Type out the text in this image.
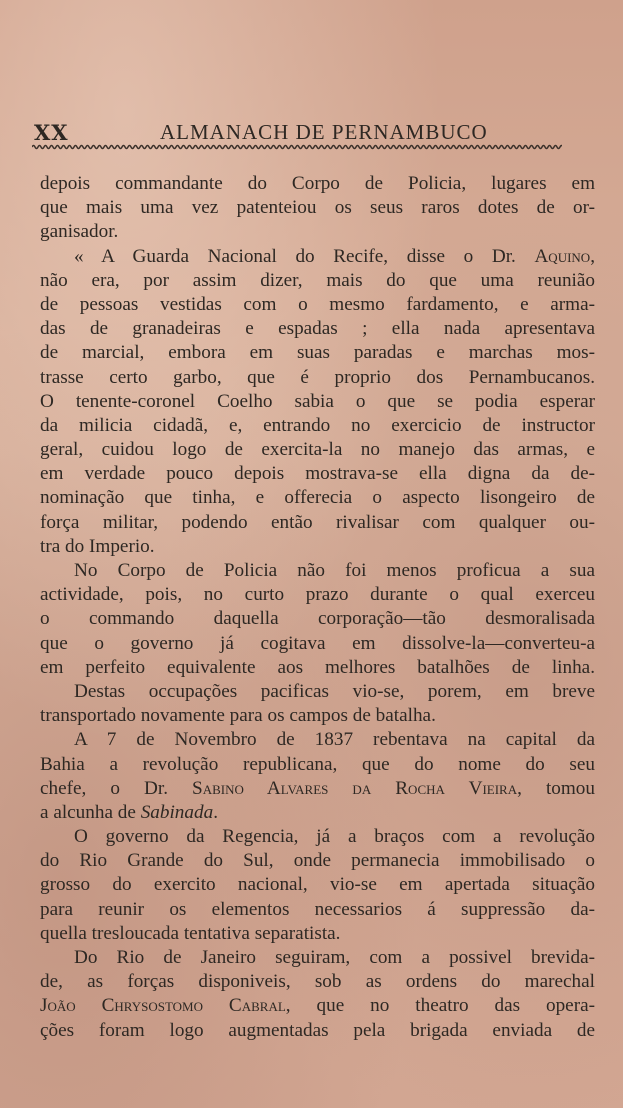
XX	ALMANACH DE PERNAMBUCO
depois commandante do Corpo de Policia, lugares em
que mais uma vez patenteiou os seus raros dotes de or-
ganisador.
« A Guarda Nacional do Recife, disse o Dr. Aquino,
não era, por assim dizer, mais do que uma reunião
de pessoas vestidas com o mesmo fardamento, e arma-
das de granadeiras e espadas ; ella nada apresentava
de marcial, embora em suas paradas e marchas mos-
trasse certo garbo, que é proprio dos Pernambucanos.
O tenente-coronel Coelho sabia o que se podia esperar
da milicia cidadã, e, entrando no exercicio de instructor
geral, cuidou logo de exercita-la no manejo das armas, e
em verdade pouco depois mostrava-se ella digna da de-
nominação que tinha, e offerecia o aspecto lisongeiro de
força militar, podendo então rivalisar com qualquer ou-
tra do Imperio.
No Corpo de Policia não foi menos proficua a sua
actividade, pois, no curto prazo durante o qual exerceu
o commando daquella corporação—tão desmoralisada
que o governo já cogitava em dissolve-la—converteu-a
em perfeito equivalente aos melhores batalhões de linha.
Destas occupações pacificas vio-se, porem, em breve
transportado novamente para os campos de batalha.
A 7 de Novembro de 1837 rebentava na capital da
Bahia a revolução republicana, que do nome do seu
chefe, o Dr. Sabino Alvares da Rocha Vieira, tomou
a alcunha de Sabinada.
O governo da Regencia, já a braços com a revolução
do Rio Grande do Sul, onde permanecia immobilisado o
grosso do exercito nacional, vio-se em apertada situação
para reunir os elementos necessarios á suppressão da-
quella tresloucada tentativa separatista.
Do Rio de Janeiro seguiram, com a possivel brevida-
de, as forças disponiveis, sob as ordens do marechal
João Chrysostomo Cabral, que no theatro das opera-
ções foram logo augmentadas pela brigada enviada de
